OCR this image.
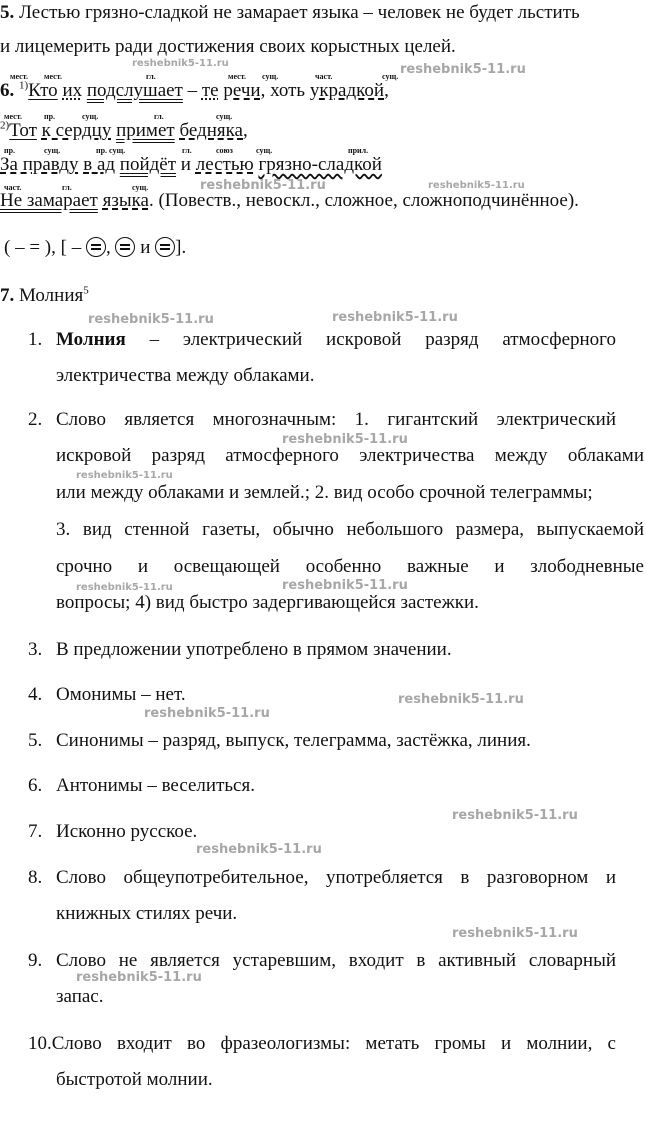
5. Лестью грязно-сладкой не замарает языка – человек не будет льстить
и лицемерить ради достижения своих корыстных целей.
мест. мест.	гл.	мест. сущ.	част.	сущ.
6. $^{1)}$Кто их подслушает – те речи, хоть украдкой,
мест.	пр.	сущ.	гл.	сущ.
$^{2)}$Тот к сердцу примет бедняка,
пр.	сущ.	пр. сущ.	гл.	союз	сущ.	прил.
За правду в ад пойдёт и лестью грязно-сладкой
част.	гл.	сущ.
Не замарает языка. (Повеств., невоскл., сложное, сложноподчинённое).
( – = ), [ – ,  и ].
7. Молния$^5$
1. Молния – электрический искровой разряд атмосферного
электричества между облаками.
2. Слово является многозначным: 1. гигантский электрический
искровой разряд атмосферного электричества между облаками
или между облаками и землей.; 2. вид особо срочной телеграммы;
3. вид стенной газеты, обычно небольшого размера, выпускаемой
срочно и освещающей особенно важные и злободневные
вопросы; 4) вид быстро задергивающейся застежки.
3. В предложении употреблено в прямом значении.
4. Омонимы – нет.
5. Синонимы – разряд, выпуск, телеграмма, застёжка, линия.
6. Антонимы – веселиться.
7. Исконно русское.
8. Слово общеупотребительное, употребляется в разговорном и
книжных стилях речи.
9. Слово не является устаревшим, входит в активный словарный
запас.
10.Слово входит во фразеологизмы: метать громы и молнии, с
быстротой молнии.
reshebnik5-11.ru	reshebnik5-11.ru
reshebnik5-11.ru	reshebnik5-11.ru
reshebnik5-11.ru	reshebnik5-11.ru
reshebnik5-11.ru
reshebnik5-11.ru
reshebnik5-11.ru	reshebnik5-11.ru
reshebnik5-11.ru
reshebnik5-11.ru
reshebnik5-11.ru
reshebnik5-11.ru
reshebnik5-11.ru
reshebnik5-11.ru
